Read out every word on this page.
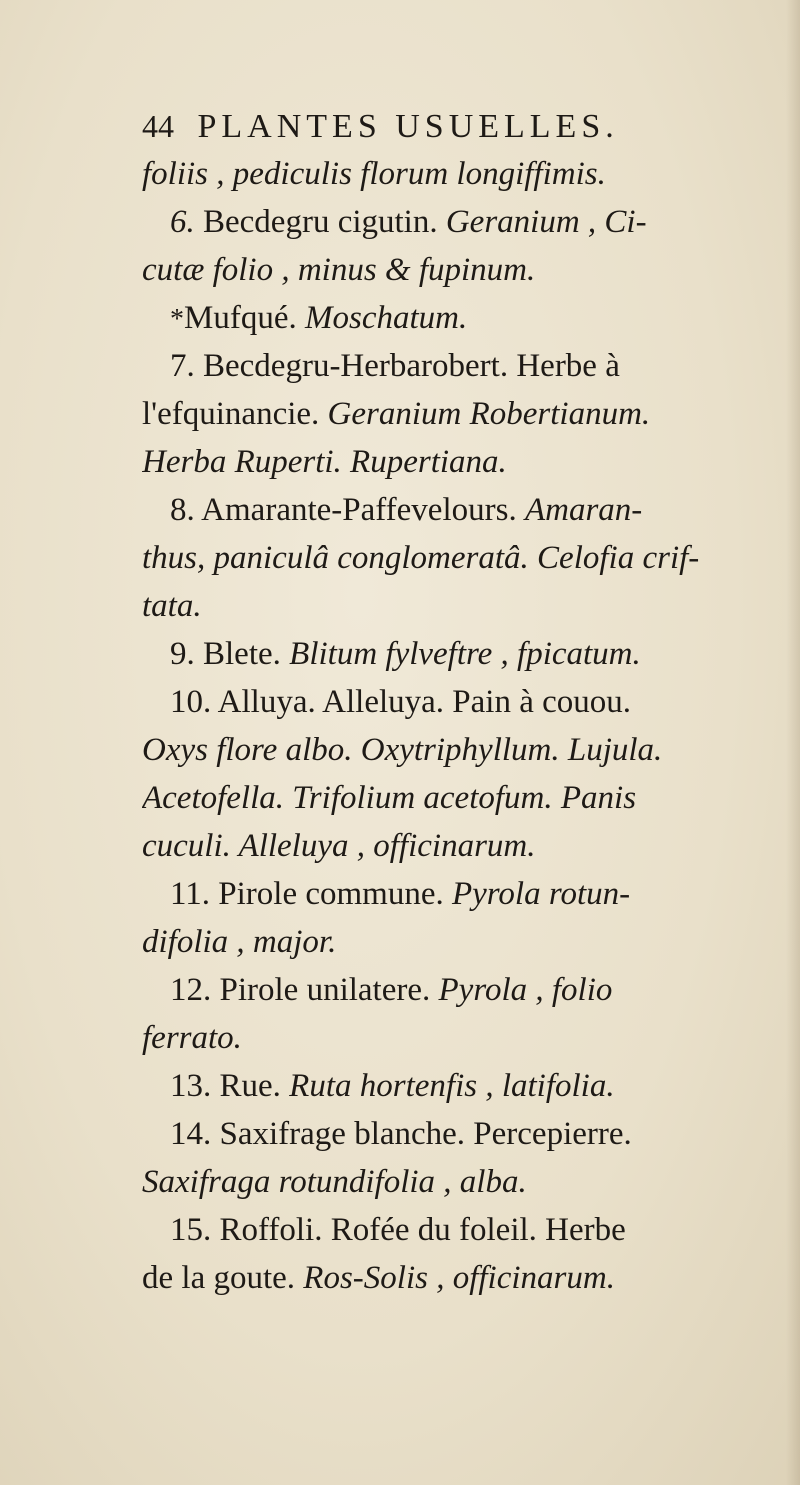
44 PLANTES USUELLES.
foliis , pediculis florum longiffimis.
6. Becdegru cigutin. Geranium , Ci-
cutæ folio , minus & fupinum.
*Mufqué. Moschatum.
7. Becdegru-Herbarobert. Herbe à
l'efquinancie. Geranium Robertianum.
Herba Ruperti. Rupertiana.
8. Amarante-Paffevelours. Amaran-
thus, paniculâ conglomeratâ. Celofia crif-
tata.
9. Blete. Blitum fylveftre , fpicatum.
10. Alluya. Alleluya. Pain à couou.
Oxys flore albo. Oxytriphyllum. Lujula.
Acetofella. Trifolium acetofum. Panis
cuculi. Alleluya , officinarum.
11. Pirole commune. Pyrola rotun-
difolia , major.
12. Pirole unilatere. Pyrola , folio
ferrato.
13. Rue. Ruta hortenfis , latifolia.
14. Saxifrage blanche. Percepierre.
Saxifraga rotundifolia , alba.
15. Roffoli. Rofée du foleil. Herbe
de la goute. Ros-Solis , officinarum.
